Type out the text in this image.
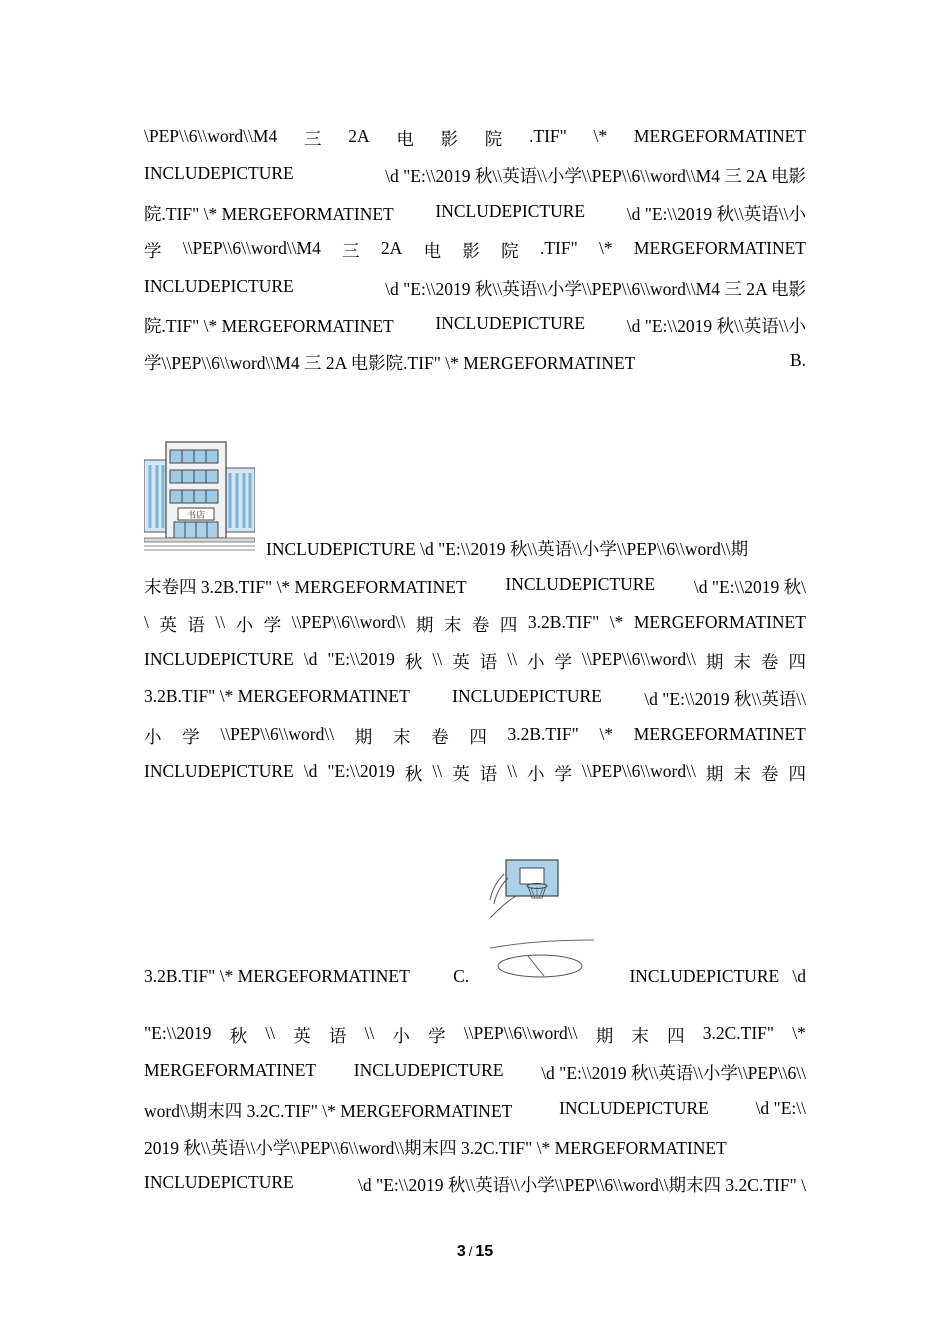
\PEP\\6\\word\\M4 三 2A 电 影 院 .TIF" \* MERGEFORMATINET
INCLUDEPICTURE	\d "E:\\2019 秋\\英语\\小学\\PEP\\6\\word\\M4 三 2A 电影
院.TIF" \* MERGEFORMATINET INCLUDEPICTURE \d "E:\\2019 秋\\英语\\小
学 \\PEP\\6\\word\\M4 三 2A 电 影 院 .TIF" \* MERGEFORMATINET
INCLUDEPICTURE	\d "E:\\2019 秋\\英语\\小学\\PEP\\6\\word\\M4 三 2A 电影
院.TIF" \* MERGEFORMATINET INCLUDEPICTURE \d "E:\\2019 秋\\英语\\小
学\\PEP\\6\\word\\M4 三 2A 电影院.TIF" \* MERGEFORMATINET	B.
书店
INCLUDEPICTURE \d "E:\\2019 秋\\英语\\小学\\PEP\\6\\word\\期
末卷四 3.2B.TIF" \* MERGEFORMATINET INCLUDEPICTURE \d "E:\\2019 秋\
\ 英 语 \\ 小 学 \\PEP\\6\\word\\ 期 末 卷 四 3.2B.TIF" \* MERGEFORMATINET
INCLUDEPICTURE \d "E:\\2019 秋 \\ 英 语 \\ 小 学 \\PEP\\6\\word\\ 期 末 卷 四
3.2B.TIF" \* MERGEFORMATINET INCLUDEPICTURE \d "E:\\2019 秋\\英语\\
小 学 \\PEP\\6\\word\\ 期 末 卷 四 3.2B.TIF" \* MERGEFORMATINET
INCLUDEPICTURE \d "E:\\2019 秋 \\ 英 语 \\ 小 学 \\PEP\\6\\word\\ 期 末 卷 四
3.2B.TIF" \* MERGEFORMATINET	C.	INCLUDEPICTURE \d
"E:\\2019 秋 \\ 英 语 \\ 小 学 \\PEP\\6\\word\\ 期 末 四 3.2C.TIF" \*
MERGEFORMATINET INCLUDEPICTURE \d "E:\\2019 秋\\英语\\小学\\PEP\\6\\
word\\期末四 3.2C.TIF" \* MERGEFORMATINET	INCLUDEPICTURE	\d "E:\\
2019 秋\\英语\\小学\\PEP\\6\\word\\期末四 3.2C.TIF" \* MERGEFORMATINET
INCLUDEPICTURE	\d "E:\\2019 秋\\英语\\小学\\PEP\\6\\word\\期末四 3.2C.TIF" \
3 / 15
